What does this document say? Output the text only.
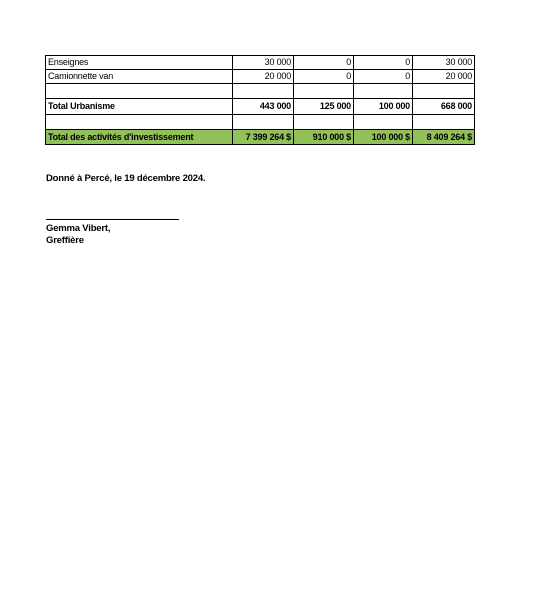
Enseignes	30 000	0	0	30 000
Camionnette van	20 000	0	0	20 000

Total Urbanisme	443 000	125 000	100 000	668 000

Total des activités d'investissement	7 399 264 $	910 000 $	100 000 $	8 409 264 $
Donné à Percé, le 19 décembre 2024.
Gemma Vibert,
Greffière
